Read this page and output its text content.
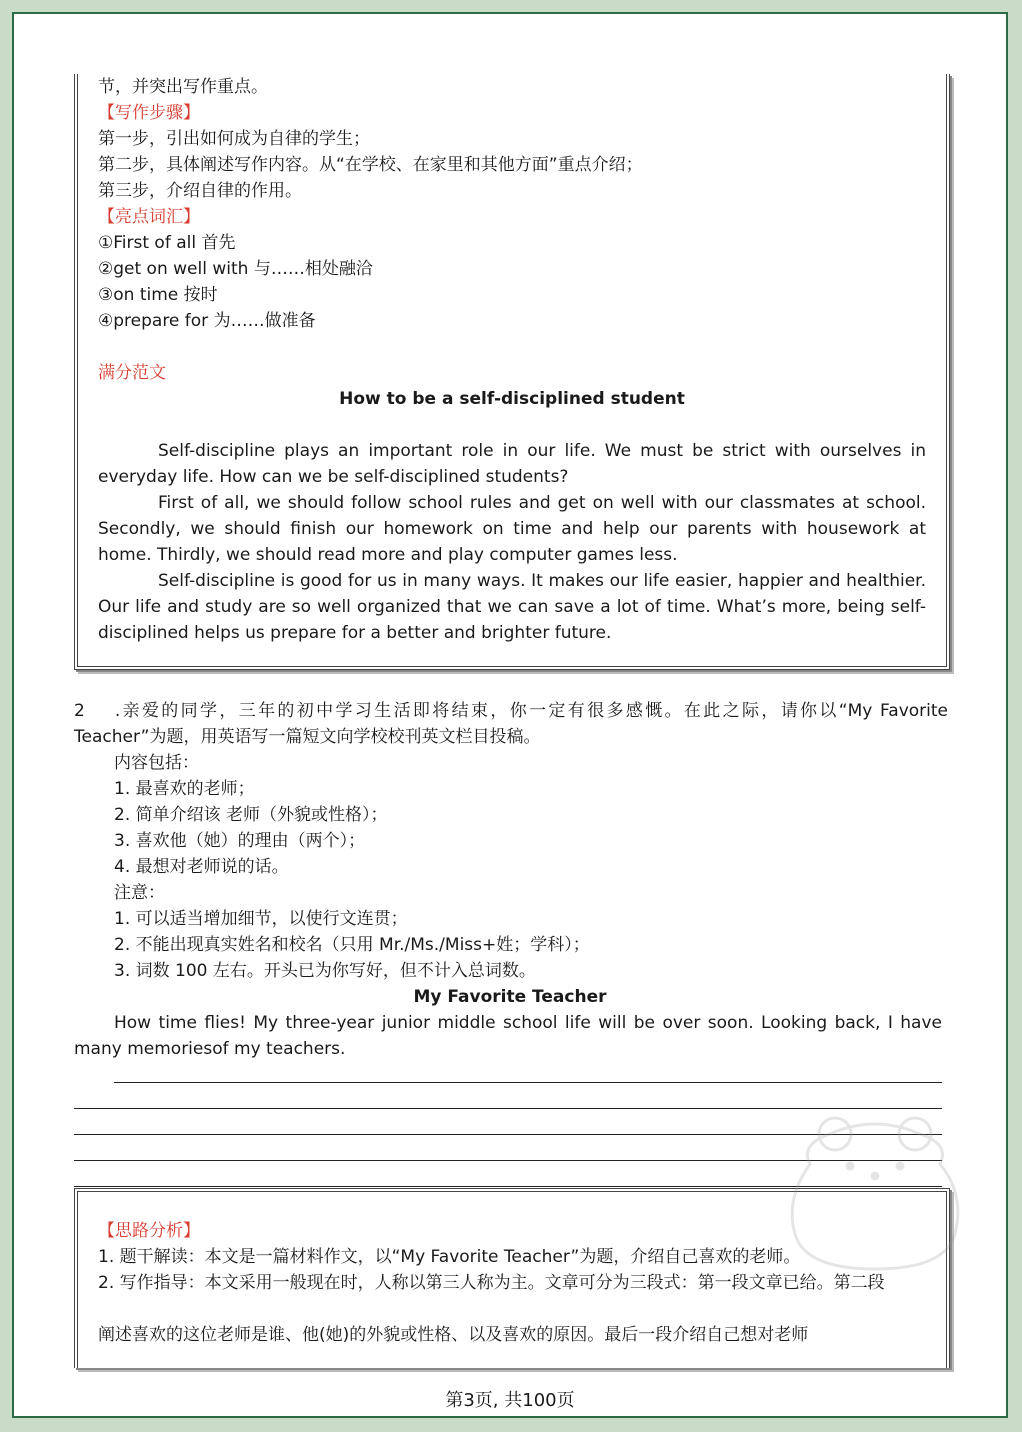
节，并突出写作重点。
【写作步骤】
第一步，引出如何成为自律的学生；
第二步，具体阐述写作内容。从“在学校、在家里和其他方面”重点介绍；
第三步，介绍自律的作用。
【亮点词汇】
①First of all 首先
②get on well with 与……相处融洽
③on time 按时
④prepare for 为……做准备
满分范文
How to be a self-disciplined student
Self-discipline plays an important role in our life. We must be strict with ourselves in everyday life. How can we be self-disciplined students?
First of all, we should follow school rules and get on well with our classmates at school. Secondly, we should finish our homework on time and help our parents with housework at home. Thirdly, we should read more and play computer games less.
Self-discipline is good for us in many ways. It makes our life easier, happier and healthier. Our life and study are so well organized that we can save a lot of time. What’s more, being self-disciplined helps us prepare for a better and brighter future.
2 .亲爱的同学，三年的初中学习生活即将结束，你一定有很多感慨。在此之际，请你以“My Favorite Teacher”为题，用英语写一篇短文向学校校刊英文栏目投稿。
内容包括：
1. 最喜欢的老师；
2. 简单介绍该 老师（外貌或性格）；
3. 喜欢他（她）的理由（两个）；
4. 最想对老师说的话。
注意：
1. 可以适当增加细节，以使行文连贯；
2. 不能出现真实姓名和校名（只用 Mr./Ms./Miss+姓；学科）；
3. 词数 100 左右。开头已为你写好，但不计入总词数。
My Favorite Teacher
How time flies! My three-year junior middle school life will be over soon. Looking back, I have many memoriesof my teachers.
【思路分析】
1. 题干解读：本文是一篇材料作文，以“My Favorite Teacher”为题，介绍自己喜欢的老师。
2. 写作指导：本文采用一般现在时，人称以第三人称为主。文章可分为三段式：第一段文章已给。第二段
阐述喜欢的这位老师是谁、他(她)的外貌或性格、以及喜欢的原因。最后一段介绍自己想对老师
第3页, 共100页
